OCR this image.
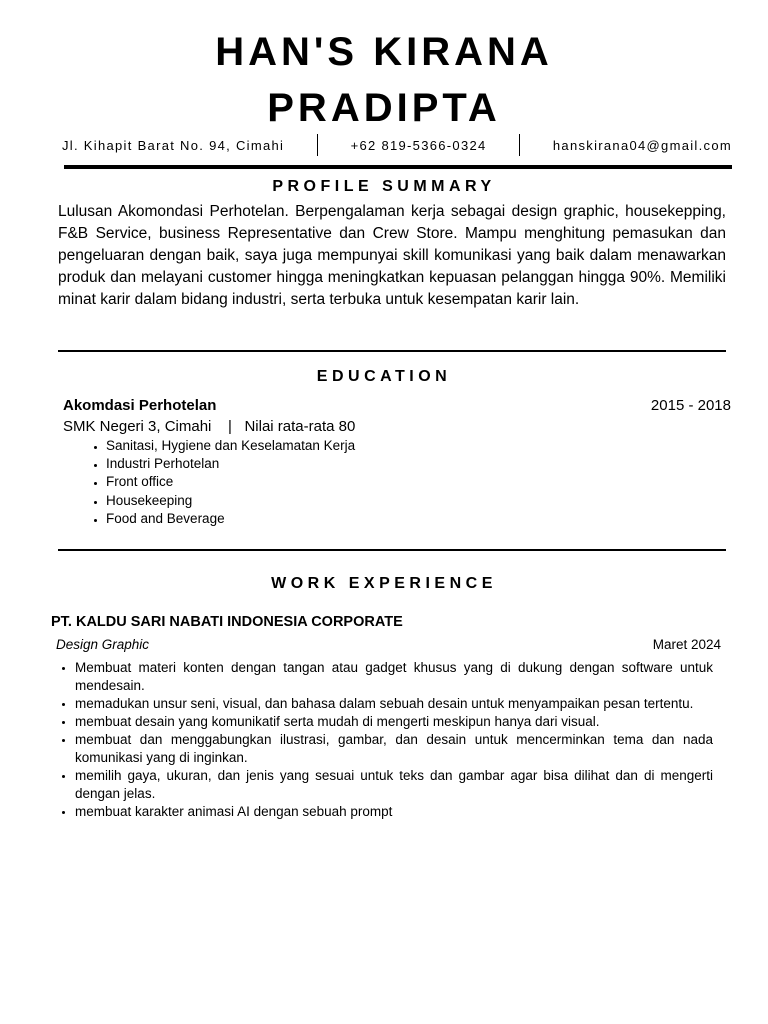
HAN'S KIRANA
PRADIPTA
Jl. Kihapit Barat No. 94, Cimahi	+62 819-5366-0324	hanskirana04@gmail.com
PROFILE SUMMARY
Lulusan Akomondasi Perhotelan. Berpengalaman kerja sebagai design graphic, housekepping, F&B Service, business Representative dan Crew Store. Mampu menghitung pemasukan dan pengeluaran dengan baik, saya juga mempunyai skill komunikasi yang baik dalam menawarkan produk dan melayani customer hingga meningkatkan kepuasan pelanggan hingga 90%. Memiliki minat karir dalam bidang industri, serta terbuka untuk kesempatan karir lain.
EDUCATION
Akomdasi Perhotelan	2015 - 2018
SMK Negeri 3, Cimahi    |   Nilai rata-rata 80
• Sanitasi, Hygiene dan Keselamatan Kerja
• Industri Perhotelan
• Front office
• Housekeeping
• Food and Beverage
WORK EXPERIENCE
PT. KALDU SARI NABATI INDONESIA CORPORATE
Design Graphic	Maret 2024
• Membuat materi konten dengan tangan atau gadget khusus yang di dukung dengan software untuk mendesain.
• memadukan unsur seni, visual, dan bahasa dalam sebuah desain untuk menyampaikan pesan tertentu.
• membuat desain yang komunikatif serta mudah di mengerti meskipun hanya dari visual.
• membuat dan menggabungkan ilustrasi, gambar, dan desain untuk mencerminkan tema dan nada komunikasi yang di inginkan.
• memilih gaya, ukuran, dan jenis yang sesuai untuk teks dan gambar agar bisa dilihat dan di mengerti dengan jelas.
• membuat karakter animasi AI dengan sebuah prompt
